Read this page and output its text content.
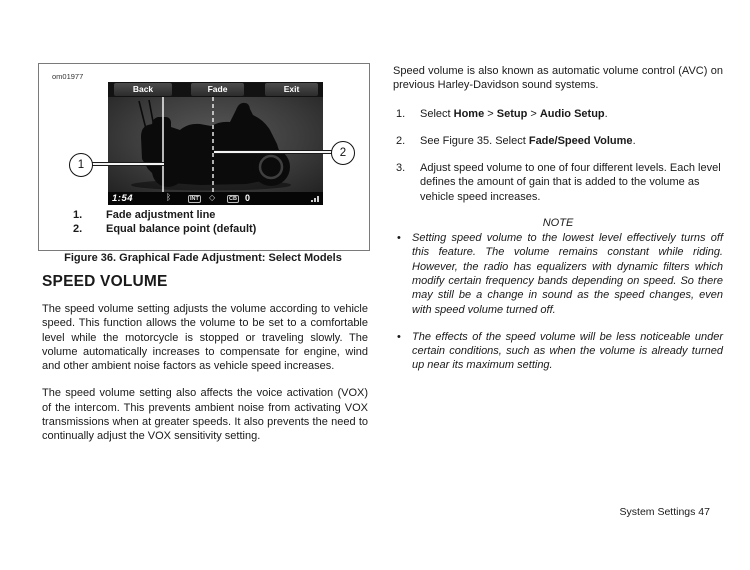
om01977
Back	Fade	Exit
1:54	ᛒ	INT ◇	CB 0
1
2
1. Fade adjustment line
2. Equal balance point (default)
Figure 36. Graphical Fade Adjustment: Select Models
SPEED VOLUME

The speed volume setting adjusts the volume according to vehicle speed. This function allows the volume to be set to a comfortable level while the motorcycle is stopped or traveling slowly. The volume automatically increases to compensate for engine, wind and other ambient noise factors as vehicle speed increases.

The speed volume setting also affects the voice activation (VOX) of the intercom. This prevents ambient noise from activating VOX transmissions when at greater speeds. It also prevents the need to continually adjust the VOX sensitivity setting.

Speed volume is also known as automatic volume control (AVC) on previous Harley-Davidson sound systems.

1. Select Home > Setup > Audio Setup.
2. See Figure 35. Select Fade/Speed Volume.
3. Adjust speed volume to one of four different levels. Each level defines the amount of gain that is added to the volume as vehicle speed increases.
NOTE
• Setting speed volume to the lowest level effectively turns off this feature. The volume remains constant while riding. However, the radio has equalizers with dynamic filters which modify certain frequency bands depending on speed. So there may still be a change in sound as the speed changes, even with speed volume turned off.
• The effects of the speed volume will be less noticeable under certain conditions, such as when the volume is already turned up near its maximum setting.
System Settings 47
